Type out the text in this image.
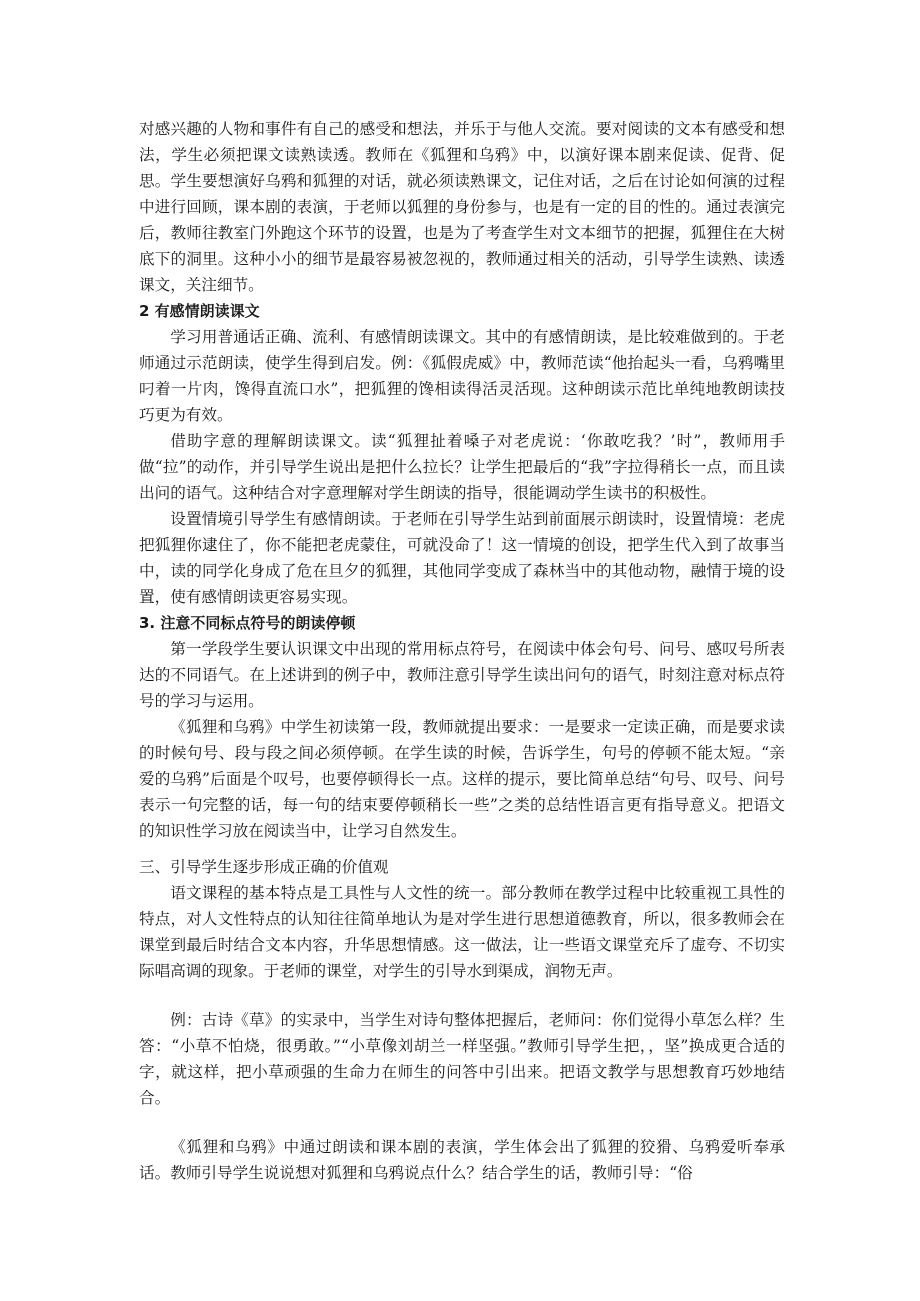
对感兴趣的人物和事件有自己的感受和想法，并乐于与他人交流。要对阅读的文本有感受和想法，学生必须把课文读熟读透。教师在《狐狸和乌鸦》中，以演好课本剧来促读、促背、促思。学生要想演好乌鸦和狐狸的对话，就必须读熟课文，记住对话，之后在讨论如何演的过程中进行回顾，课本剧的表演，于老师以狐狸的身份参与，也是有一定的目的性的。通过表演完后，教师往教室门外跑这个环节的设置，也是为了考查学生对文本细节的把握，狐狸住在大树底下的洞里。这种小小的细节是最容易被忽视的，教师通过相关的活动，引导学生读熟、读透课文，关注细节。

2 有感情朗读课文

学习用普通话正确、流利、有感情朗读课文。其中的有感情朗读，是比较难做到的。于老师通过示范朗读，使学生得到启发。例：《狐假虎威》中，教师范读“他抬起头一看，乌鸦嘴里叼着一片肉，馋得直流口水”，把狐狸的馋相读得活灵活现。这种朗读示范比单纯地教朗读技巧更为有效。

借助字意的理解朗读课文。读“狐狸扯着嗓子对老虎说：‘你敢吃我？’时”，教师用手做“拉”的动作，并引导学生说出是把什么拉长？让学生把最后的“我”字拉得稍长一点，而且读出问的语气。这种结合对字意理解对学生朗读的指导，很能调动学生读书的积极性。

设置情境引导学生有感情朗读。于老师在引导学生站到前面展示朗读时，设置情境：老虎把狐狸你逮住了，你不能把老虎蒙住，可就没命了！这一情境的创设，把学生代入到了故事当中，读的同学化身成了危在旦夕的狐狸，其他同学变成了森林当中的其他动物，融情于境的设置，使有感情朗读更容易实现。

3. 注意不同标点符号的朗读停顿

第一学段学生要认识课文中出现的常用标点符号，在阅读中体会句号、问号、感叹号所表达的不同语气。在上述讲到的例子中，教师注意引导学生读出问句的语气，时刻注意对标点符号的学习与运用。

《狐狸和乌鸦》中学生初读第一段，教师就提出要求：一是要求一定读正确，而是要求读的时候句号、段与段之间必须停顿。在学生读的时候，告诉学生，句号的停顿不能太短。“亲爱的乌鸦”后面是个叹号，也要停顿得长一点。这样的提示，要比简单总结“句号、叹号、问号表示一句完整的话，每一句的结束要停顿稍长一些”之类的总结性语言更有指导意义。把语文的知识性学习放在阅读当中，让学习自然发生。

三、引导学生逐步形成正确的价值观

语文课程的基本特点是工具性与人文性的统一。部分教师在教学过程中比较重视工具性的特点，对人文性特点的认知往往简单地认为是对学生进行思想道德教育，所以，很多教师会在课堂到最后时结合文本内容，升华思想情感。这一做法，让一些语文课堂充斥了虚夸、不切实际唱高调的现象。于老师的课堂，对学生的引导水到渠成，润物无声。

例：古诗《草》的实录中，当学生对诗句整体把握后，老师问：你们觉得小草怎么样？生答：“小草不怕烧，很勇敢。”“小草像刘胡兰一样坚强。”教师引导学生把，，坚”换成更合适的字，就这样，把小草顽强的生命力在师生的问答中引出来。把语文教学与思想教育巧妙地结合。

《狐狸和乌鸦》中通过朗读和课本剧的表演，学生体会出了狐狸的狡猾、乌鸦爱听奉承话。教师引导学生说说想对狐狸和乌鸦说点什么？结合学生的话，教师引导：“俗
